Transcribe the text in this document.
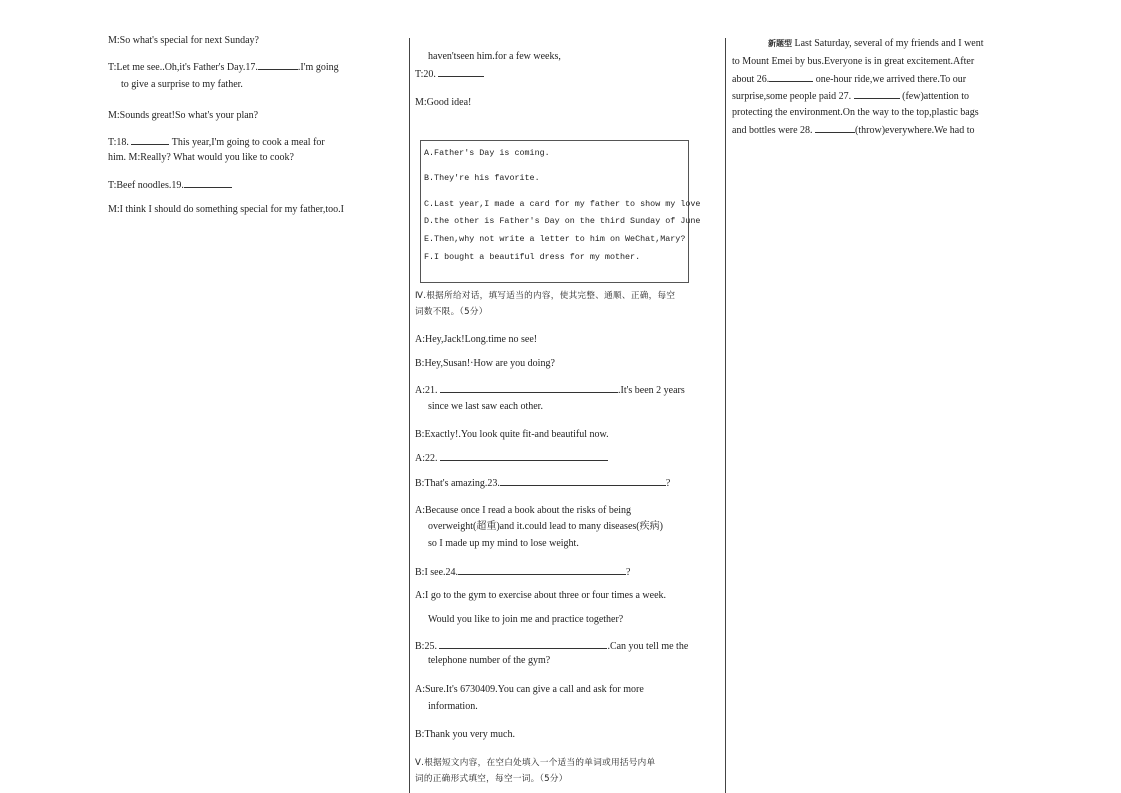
M:So what's special for next Sunday?
T:Let me see..Oh,it's Father's Day.17.	.I'm going
to give a surprise to my father.
M:Sounds great!So what's your plan?
T:18.	This year,I'm going to cook a meal for
him. M:Really? What would you like to cook?
T:Beef noodles.19.
M:I think I should do something special for my father,too.I
haven'tseen him.for a few weeks,
T:20.
M:Good idea!
Ⅳ.根据所给对话，填写适当的内容，使其完整、通顺、正确，每空
词数不限。（5分）
A:Hey,Jack!Long.time no see!
B:Hey,Susan!·How are you doing?
A:21.	.It's been 2 years
since we last saw each other.
B:Exactly!.You look quite fit-and beautiful now.
A:22.
B:That's amazing.23.	?
A:Because once I read a book about the risks of being
overweight(超重)and it.could lead to many diseases(疾病)
so I made up my mind to lose weight.
B:I see.24.	?
A:I go to the gym to exercise about three or four times a week.
Would you like to join me and practice together?
B:25.	.Can you tell me the
telephone number of the gym?
A:Sure.It's 6730409.You can give a call and ask for more
information.
B:Thank you very much.
Ⅴ.根据短文内容，在空白处填入一个适当的单词或用括号内单
词的正确形式填空，每空一词。（5分）
A.Father's Day is coming.
B.They're his favorite.
C.Last year,I made a card for my father to show my love
D.the other is Father's Day on the third Sunday of June
E.Then,why not write a letter to him on WeChat,Mary?
F.I bought a beautiful dress for my mother.
新题型 Last Saturday, several of my friends and I went
to Mount Emei by bus.Everyone is in great excitement.After
about 26.	one-hour ride,we arrived there.To our
surprise,some people paid 27.	(few)attention to
protecting the environment.On the way to the top,plastic bags
and bottles were 28.	(throw)everywhere.We had to
